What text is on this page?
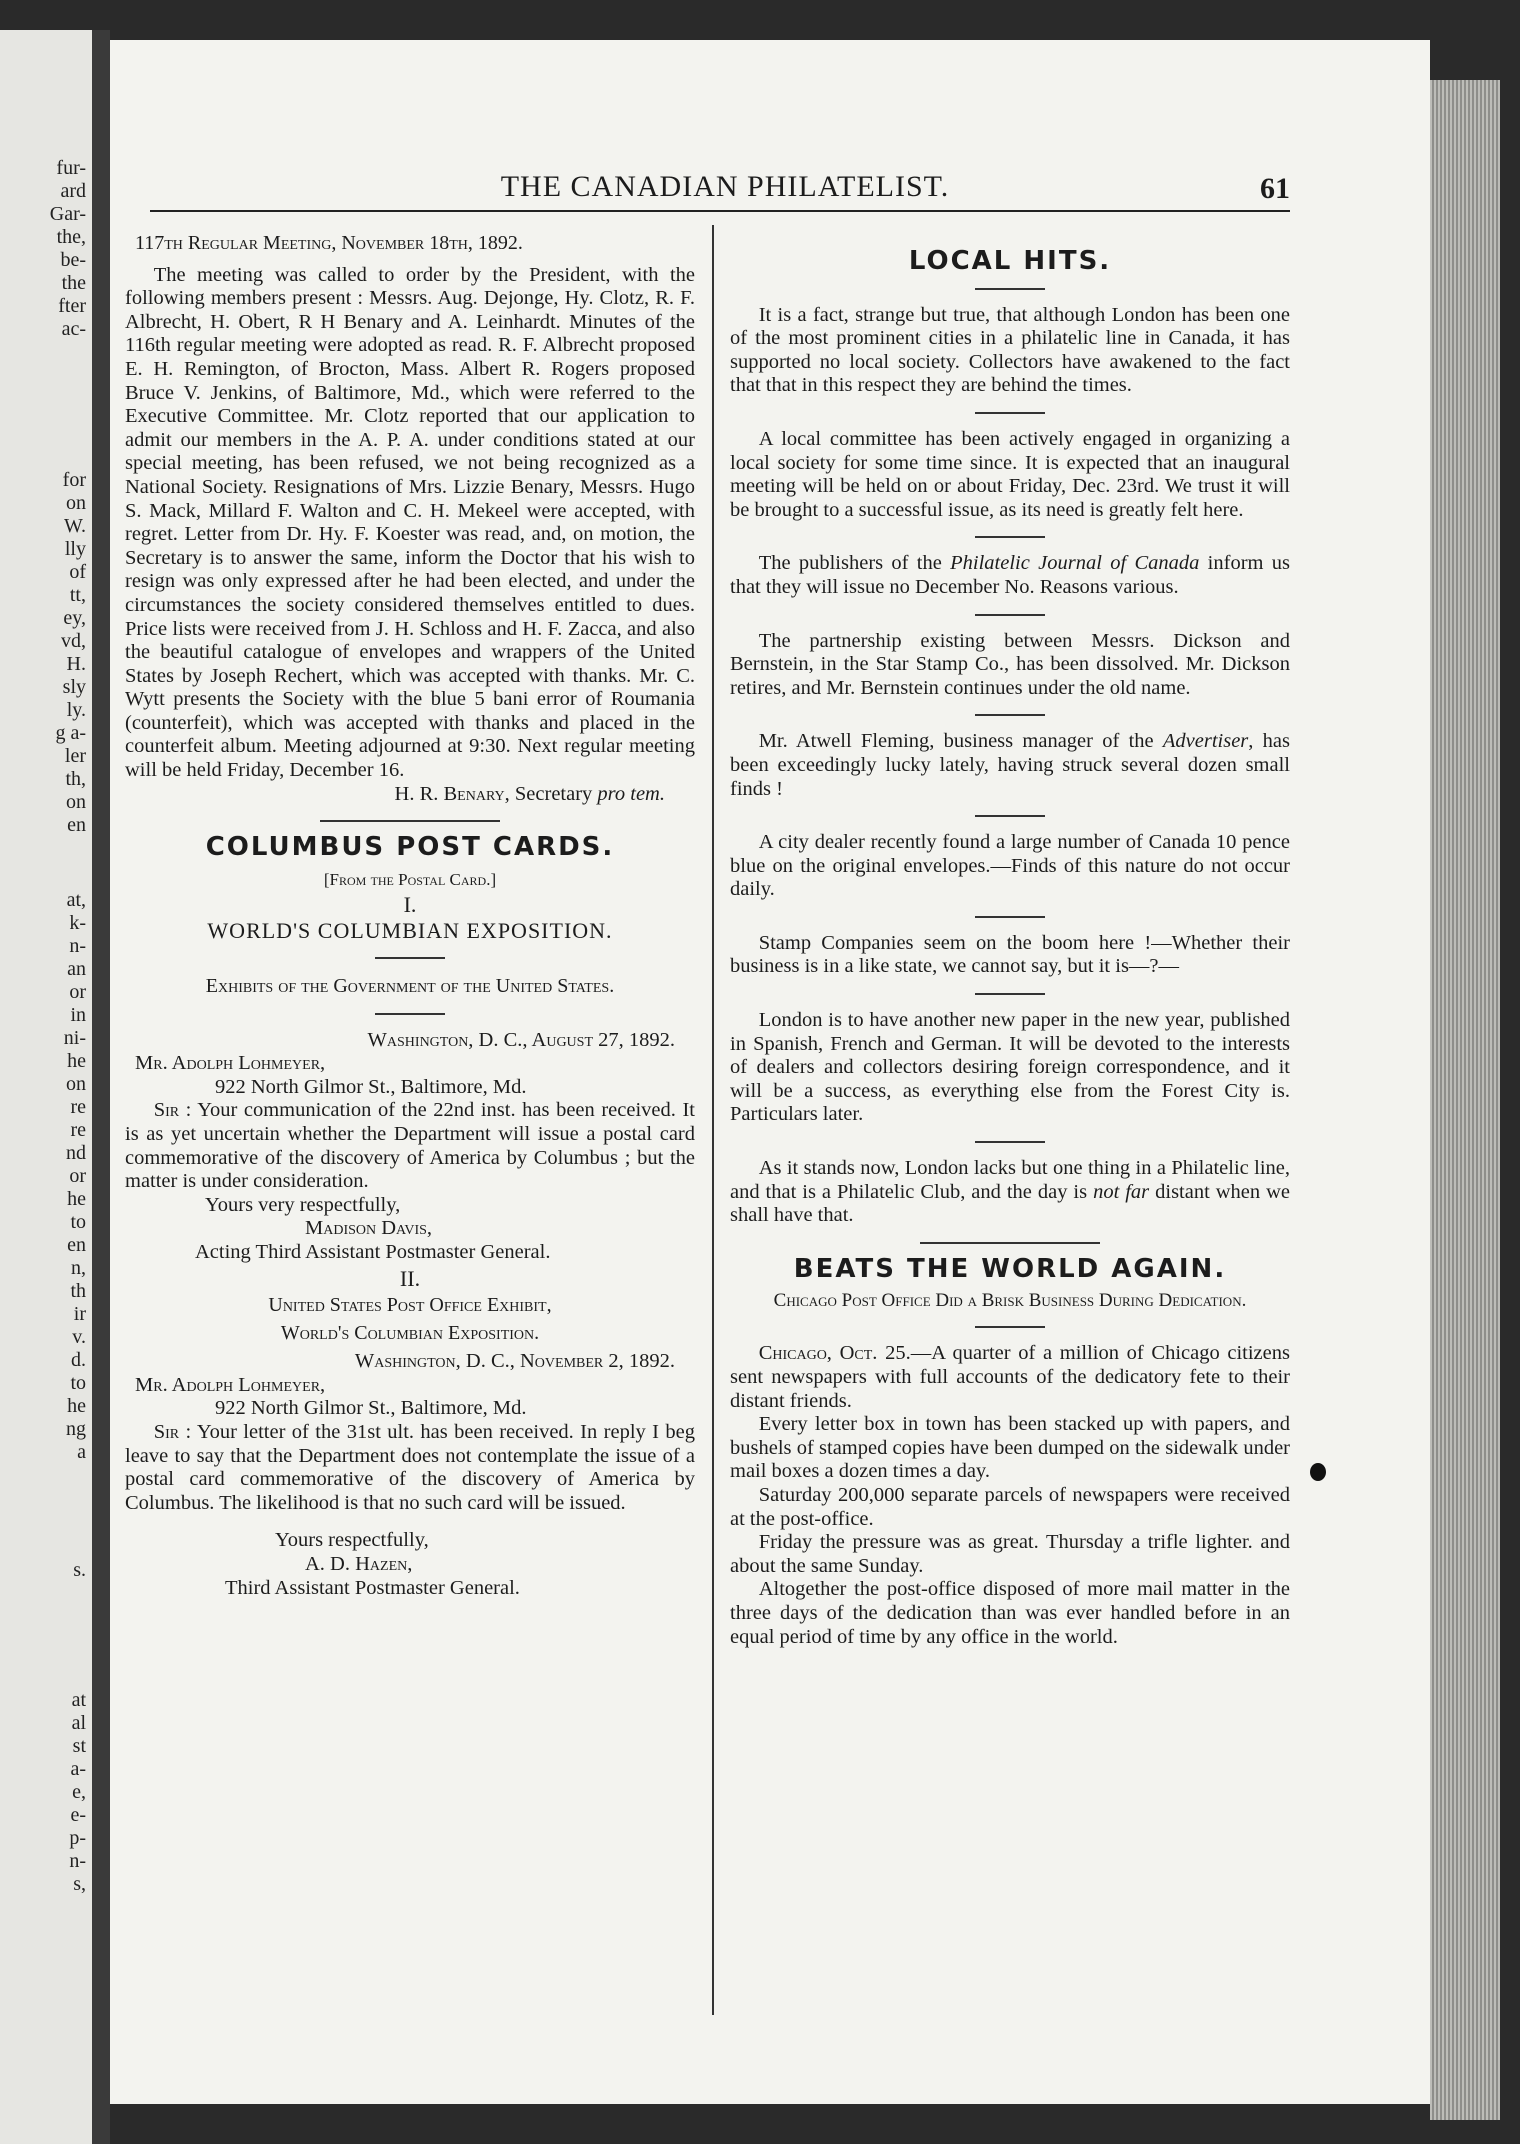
fur-
ard
Gar-
the,
be-
the
fter
ac-
for
on
W.
lly
of
tt,
ey,
vd,
H.
sly
ly.
g a-
ler
th,
on
en
at,
k-
n-
an
or
in
ni-
he
on
re
re
nd
or
he
to
en
n,
th
ir
v.
d.
to
he
ng
a
s.
at
al
st
a-
e,
e-
p-
n-
s,
THE CANADIAN PHILATELIST.	61
117th Regular Meeting, November 18th, 1892.

The meeting was called to order by the President, with the following members present : Messrs. Aug. Dejonge, Hy. Clotz, R. F. Albrecht, H. Obert, R H Benary and A. Leinhardt. Minutes of the 116th regular meeting were adopted as read. R. F. Albrecht proposed E. H. Remington, of Brocton, Mass. Albert R. Rogers proposed Bruce V. Jenkins, of Baltimore, Md., which were referred to the Executive Committee. Mr. Clotz reported that our application to admit our members in the A. P. A. under conditions stated at our special meeting, has been refused, we not being recognized as a National Society. Resignations of Mrs. Lizzie Benary, Messrs. Hugo S. Mack, Millard F. Walton and C. H. Mekeel were accepted, with regret. Letter from Dr. Hy. F. Koester was read, and, on motion, the Secretary is to answer the same, inform the Doctor that his wish to resign was only expressed after he had been elected, and under the circumstances the society considered themselves entitled to dues. Price lists were received from J. H. Schloss and H. F. Zacca, and also the beautiful catalogue of envelopes and wrappers of the United States by Joseph Rechert, which was accepted with thanks. Mr. C. Wytt presents the Society with the blue 5 bani error of Roumania (counterfeit), which was accepted with thanks and placed in the counterfeit album. Meeting adjourned at 9:30. Next regular meeting will be held Friday, December 16.

H. R. Benary, Secretary pro tem.
COLUMBUS POST CARDS.
[From the Postal Card.]
I.
WORLD'S COLUMBIAN EXPOSITION.
Exhibits of the Government of the United States.
Washington, D. C., August 27, 1892.
Mr. Adolph Lohmeyer,
922 North Gilmor St., Baltimore, Md.

Sir : Your communication of the 22nd inst. has been received. It is as yet uncertain whether the Department will issue a postal card commemorative of the discovery of America by Columbus ; but the matter is under consideration.

Yours very respectfully,
Madison Davis,
Acting Third Assistant Postmaster General.
II.
United States Post Office Exhibit,
World's Columbian Exposition.
Washington, D. C., November 2, 1892.
Mr. Adolph Lohmeyer,
922 North Gilmor St., Baltimore, Md.

Sir : Your letter of the 31st ult. has been received. In reply I beg leave to say that the Department does not contemplate the issue of a postal card commemorative of the discovery of America by Columbus. The likelihood is that no such card will be issued.

Yours respectfully,
A. D. Hazen,
Third Assistant Postmaster General.
LOCAL HITS.

It is a fact, strange but true, that although London has been one of the most prominent cities in a philatelic line in Canada, it has supported no local society. Collectors have awakened to the fact that that in this respect they are behind the times.

A local committee has been actively engaged in organizing a local society for some time since. It is expected that an inaugural meeting will be held on or about Friday, Dec. 23rd. We trust it will be brought to a successful issue, as its need is greatly felt here.

The publishers of the Philatelic Journal of Canada inform us that they will issue no December No. Reasons various.

The partnership existing between Messrs. Dickson and Bernstein, in the Star Stamp Co., has been dissolved. Mr. Dickson retires, and Mr. Bernstein continues under the old name.

Mr. Atwell Fleming, business manager of the Advertiser, has been exceedingly lucky lately, having struck several dozen small finds !

A city dealer recently found a large number of Canada 10 pence blue on the original envelopes.—Finds of this nature do not occur daily.

Stamp Companies seem on the boom here !—Whether their business is in a like state, we cannot say, but it is—?—

London is to have another new paper in the new year, published in Spanish, French and German. It will be devoted to the interests of dealers and collectors desiring foreign correspondence, and it will be a success, as everything else from the Forest City is. Particulars later.

As it stands now, London lacks but one thing in a Philatelic line, and that is a Philatelic Club, and the day is not far distant when we shall have that.

BEATS THE WORLD AGAIN.
Chicago Post Office Did a Brisk Business During Dedication.

Chicago, Oct. 25.—A quarter of a million of Chicago citizens sent newspapers with full accounts of the dedicatory fete to their distant friends.

Every letter box in town has been stacked up with papers, and bushels of stamped copies have been dumped on the sidewalk under mail boxes a dozen times a day.

Saturday 200,000 separate parcels of newspapers were received at the post-office.

Friday the pressure was as great. Thursday a trifle lighter. and about the same Sunday.

Altogether the post-office disposed of more mail matter in the three days of the dedication than was ever handled before in an equal period of time by any office in the world.
